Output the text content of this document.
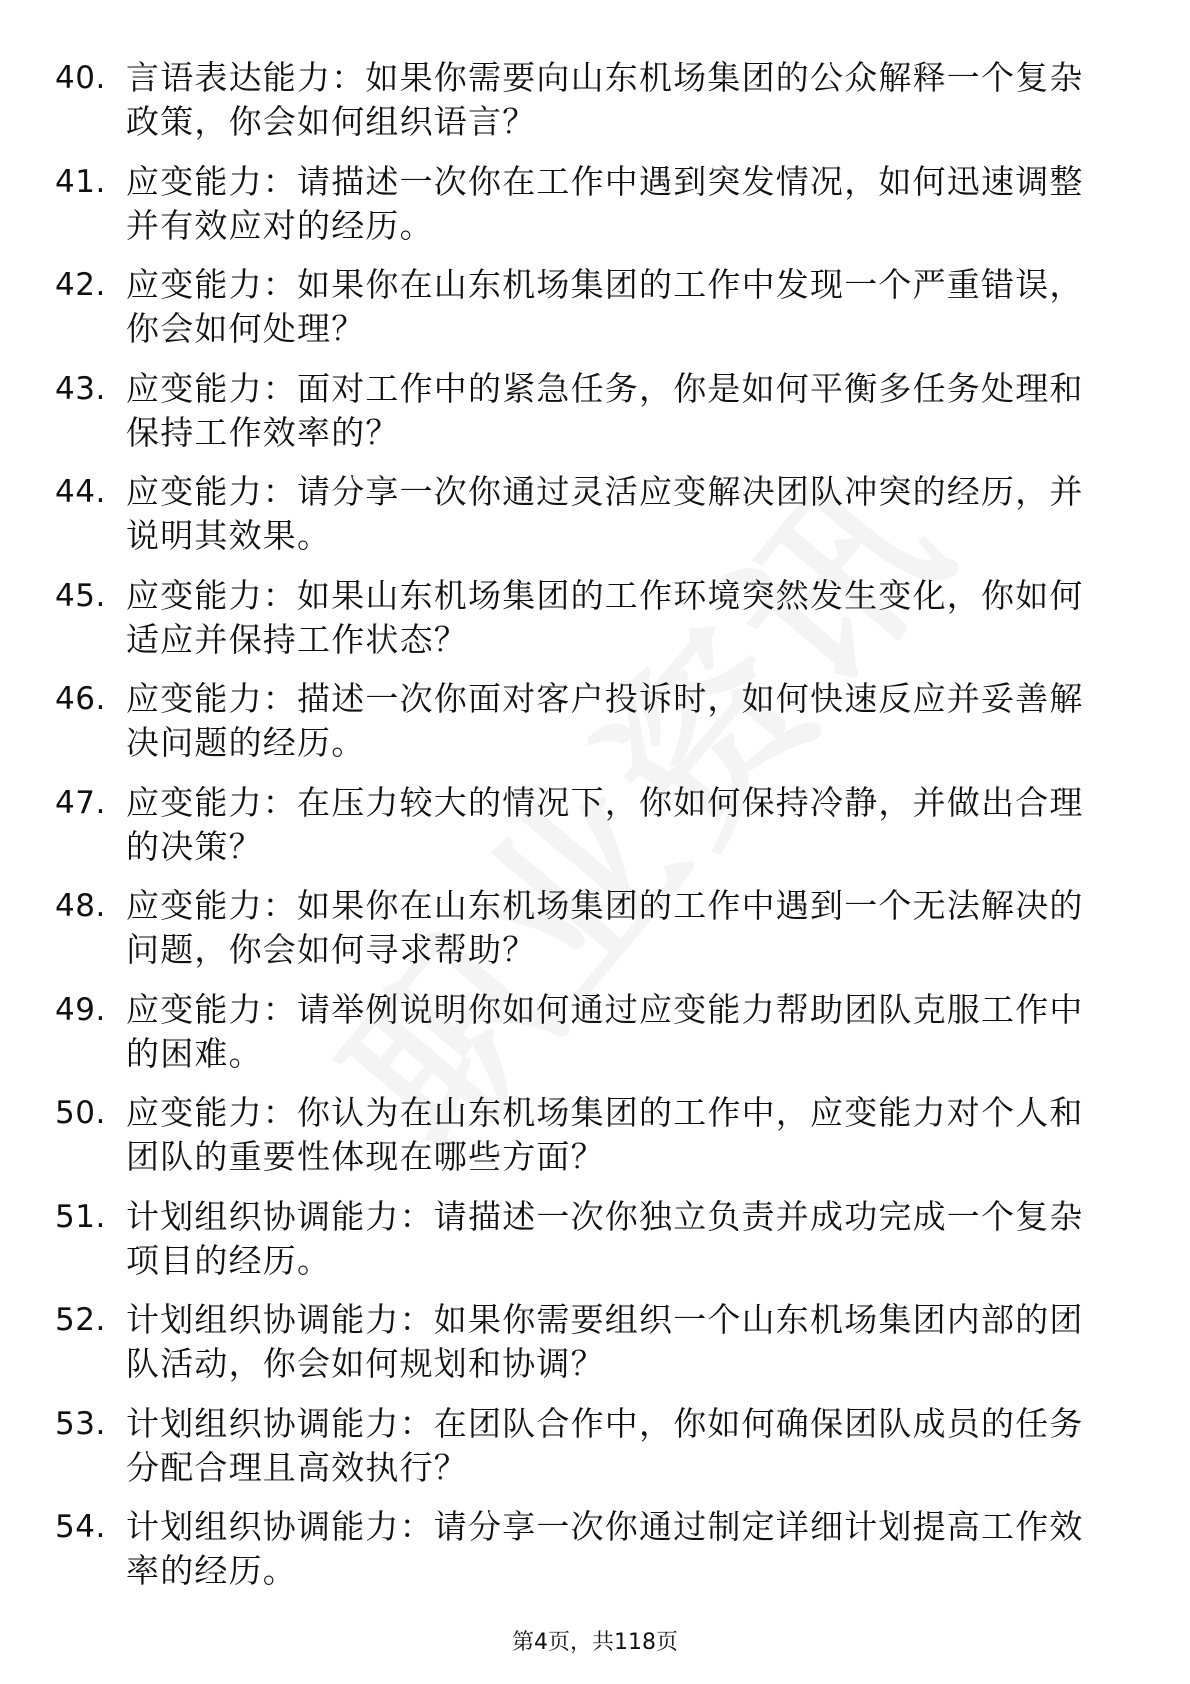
40. 言语表达能力：如果你需要向山东机场集团的公众解释一个复杂政策，你会如何组织语言？
41. 应变能力：请描述一次你在工作中遇到突发情况，如何迅速调整并有效应对的经历。
42. 应变能力：如果你在山东机场集团的工作中发现一个严重错误，你会如何处理？
43. 应变能力：面对工作中的紧急任务，你是如何平衡多任务处理和保持工作效率的？
44. 应变能力：请分享一次你通过灵活应变解决团队冲突的经历，并说明其效果。
45. 应变能力：如果山东机场集团的工作环境突然发生变化，你如何适应并保持工作状态？
46. 应变能力：描述一次你面对客户投诉时，如何快速反应并妥善解决问题的经历。
47. 应变能力：在压力较大的情况下，你如何保持冷静，并做出合理的决策？
48. 应变能力：如果你在山东机场集团的工作中遇到一个无法解决的问题，你会如何寻求帮助？
49. 应变能力：请举例说明你如何通过应变能力帮助团队克服工作中的困难。
50. 应变能力：你认为在山东机场集团的工作中，应变能力对个人和团队的重要性体现在哪些方面？
51. 计划组织协调能力：请描述一次你独立负责并成功完成一个复杂项目的经历。
52. 计划组织协调能力：如果你需要组织一个山东机场集团内部的团队活动，你会如何规划和协调？
53. 计划组织协调能力：在团队合作中，你如何确保团队成员的任务分配合理且高效执行？
54. 计划组织协调能力：请分享一次你通过制定详细计划提高工作效率的经历。
第4页，共118页
